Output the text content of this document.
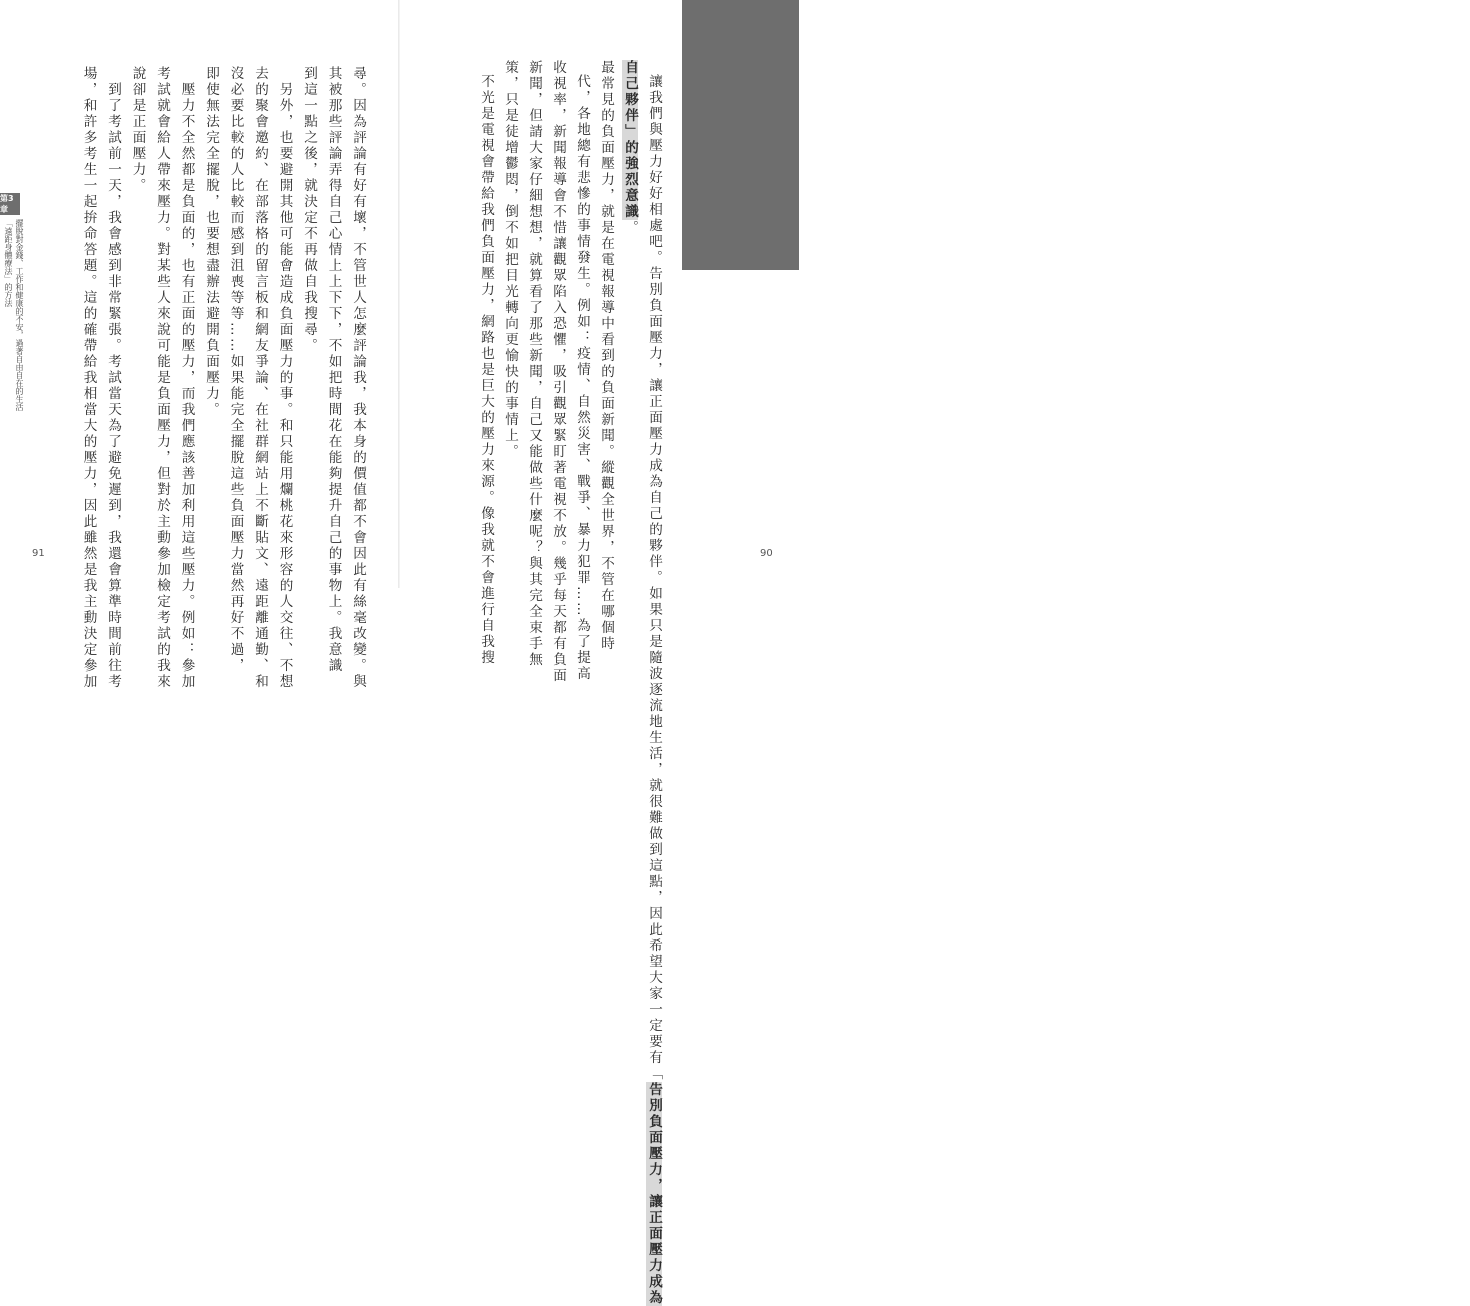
讓有助於成長的正面壓力
成為自己的夥伴
讓我們與壓力好好相處吧。告別負面壓力，讓正面壓力成為自己的夥伴。如果只是隨波逐流地生活，就很難做到這點，因此希望大家一定要有「告別負面壓力，讓正面壓力成為
自己夥伴」的強烈意識。
最常見的負面壓力，就是在電視報導中看到的負面新聞。縱觀全世界，不管在哪個時
代，各地總有悲慘的事情發生。例如：疫情、自然災害、戰爭、暴力犯罪……為了提高
收視率，新聞報導會不惜讓觀眾陷入恐懼，吸引觀眾緊盯著電視不放。幾乎每天都有負面
新聞，但請大家仔細想想，就算看了那些新聞，自己又能做些什麼呢？與其完全束手無
策，只是徒增鬱悶，倒不如把目光轉向更愉快的事情上。
不光是電視會帶給我們負面壓力，網路也是巨大的壓力來源。像我就不會進行自我搜	90
尋。因為評論有好有壞，不管世人怎麼評論我，我本身的價值都不會因此有絲毫改變。與
其被那些評論弄得自己心情上上下下，不如把時間花在能夠提升自己的事物上。我意識
到這一點之後，就決定不再做自我搜尋。
另外，也要避開其他可能會造成負面壓力的事。和只能用爛桃花來形容的人交往、不想
去的聚會邀約、在部落格的留言板和網友爭論、在社群網站上不斷貼文、遠距離通勤、和
沒必要比較的人比較而感到沮喪等等……如果能完全擺脫這些負面壓力當然再好不過，
即使無法完全擺脫，也要想盡辦法避開負面壓力。
壓力不全然都是負面的，也有正面的壓力，而我們應該善加利用這些壓力。例如：參加
考試就會給人帶來壓力。對某些人來說可能是負面壓力，但對於主動參加檢定考試的我來
說卻是正面壓力。
到了考試前一天，我會感到非常緊張。考試當天為了避免遲到，我還會算準時間前往考
場，和許多考生一起拚命答題。這的確帶給我相當大的壓力，因此雖然是我主動決定參加
第3章
擺脫對金錢、工作和健康的不安，過著自由自在的生活
「遠距身體療法」的方法
91
